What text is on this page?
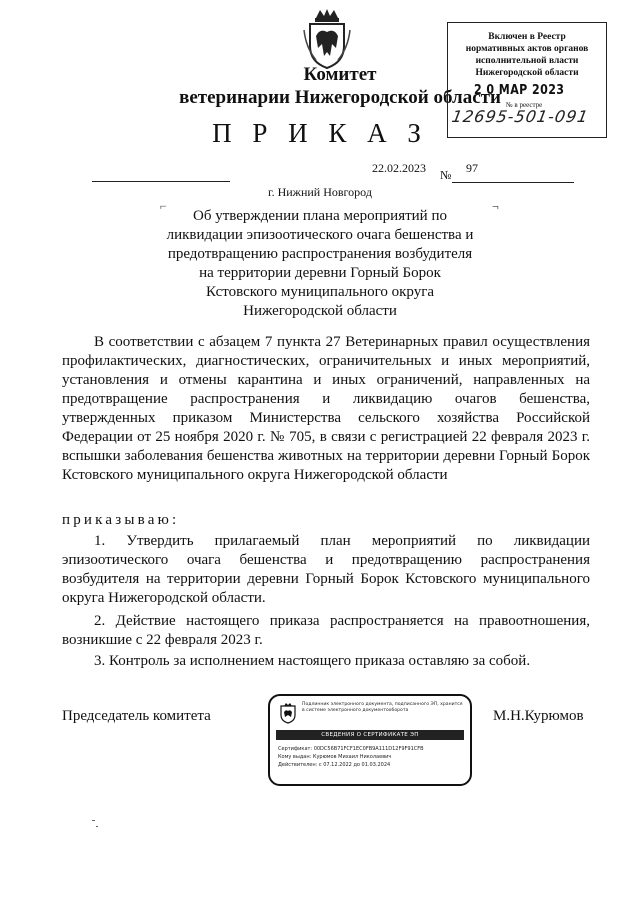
Комитет
ветеринарии Нижегородской области
П Р И К А З
Включен в Реестр
нормативных актов органов
исполнительной власти
Нижегородской области
2 0 МАР 2023
№ в реестре
12695-501-091
22.02.2023 № 97
г. Нижний Новгород
⌐	¬
Об утверждении плана мероприятий по
ликвидации эпизоотического очага бешенства и
предотвращению распространения возбудителя
на территории деревни Горный Борок
Кстовского муниципального округа
Нижегородской области
В соответствии с абзацем 7 пункта 27 Ветеринарных правил осуществления профилактических, диагностических, ограничительных и иных мероприятий, установления и отмены карантина и иных ограничений, направленных на предотвращение распространения и ликвидацию очагов бешенства, утвержденных приказом Министерства сельского хозяйства Российской Федерации от 25 ноября 2020 г. № 705, в связи с регистрацией 22 февраля 2023 г. вспышки заболевания бешенства животных на территории деревни Горный Борок Кстовского муниципального округа Нижегородской области
приказываю:
1. Утвердить прилагаемый план мероприятий по ликвидации эпизоотического очага бешенства и предотвращению распространения возбудителя на территории деревни Горный Борок Кстовского муниципального округа Нижегородской области.
2. Действие настоящего приказа распространяется на правоотношения, возникшие с 22 февраля 2023 г.
3. Контроль за исполнением настоящего приказа оставляю за собой.
Председатель комитета	М.Н.Курюмов
Подлинник электронного документа, подписанного ЭП, хранится в системе электронного документооборота
СВЕДЕНИЯ О СЕРТИФИКАТЕ ЭП
Сертификат: 00DC56B71FCF1EC0FB9A111D12F9F91CFB
Кому выдан: Курюмов Михаил Николаевич
Действителен: с 07.12.2022 до 01.03.2024
